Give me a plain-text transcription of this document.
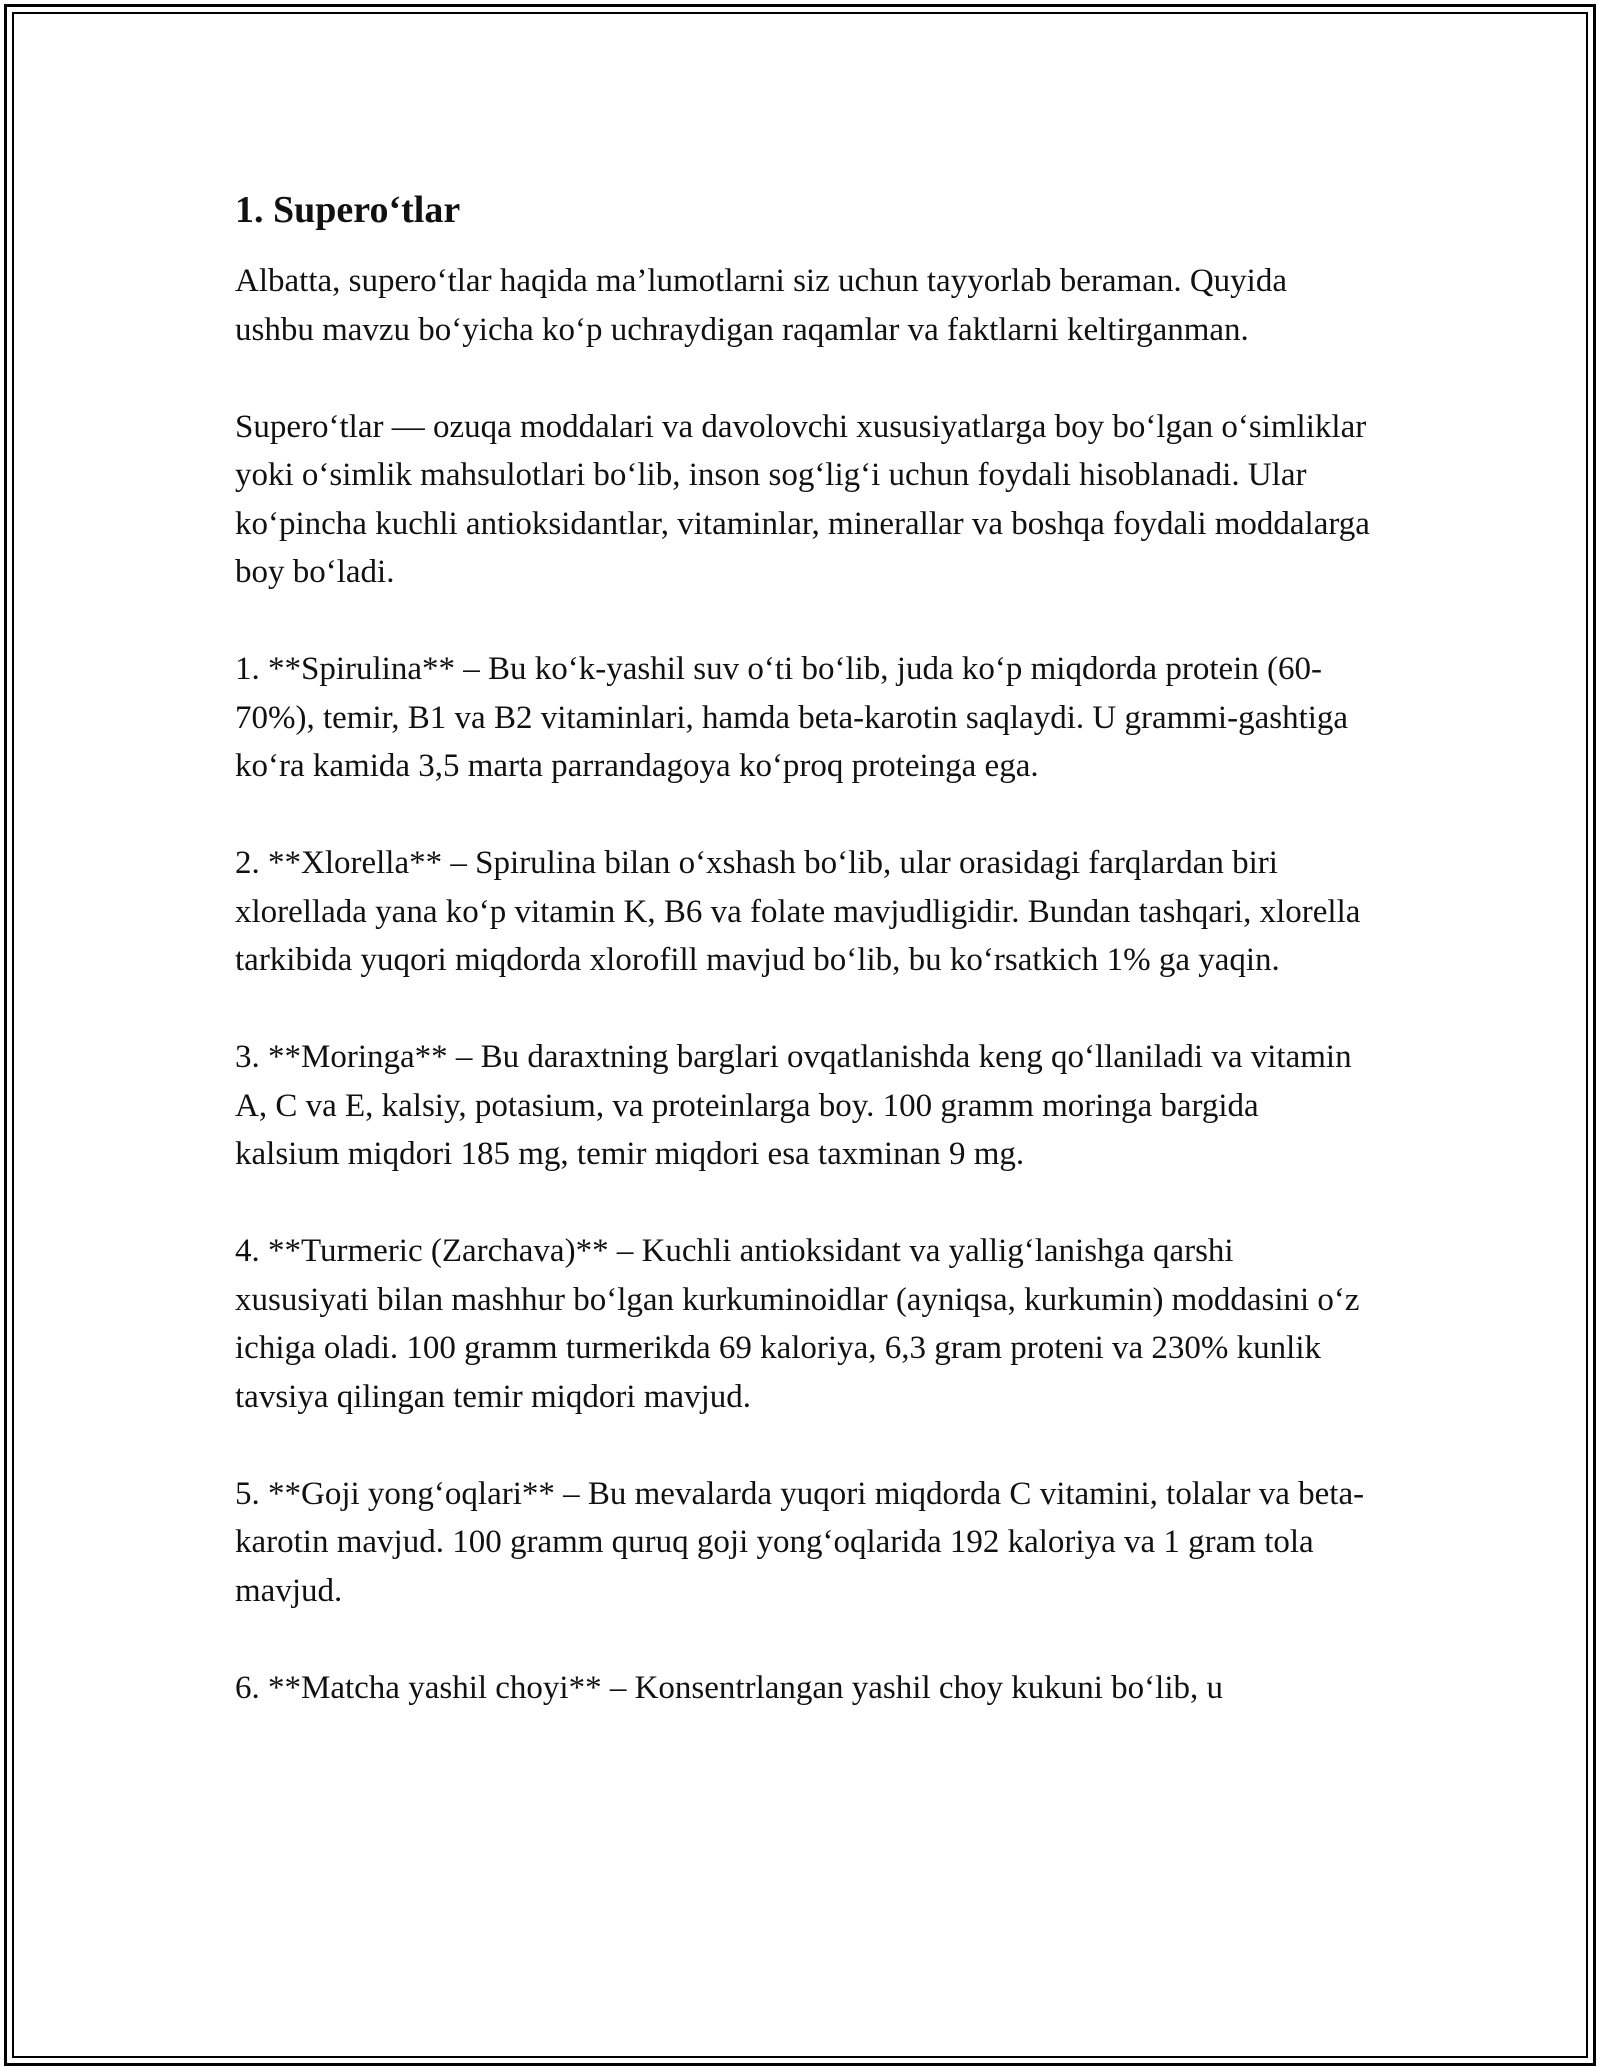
1. Supero‘tlar

Albatta, supero‘tlar haqida ma’lumotlarni siz uchun tayyorlab beraman. Quyida ushbu mavzu bo‘yicha ko‘p uchraydigan raqamlar va faktlarni keltirganman.

Supero‘tlar — ozuqa moddalari va davolovchi xususiyatlarga boy bo‘lgan o‘simliklar yoki o‘simlik mahsulotlari bo‘lib, inson sog‘lig‘i uchun foydali hisoblanadi. Ular ko‘pincha kuchli antioksidantlar, vitaminlar, minerallar va boshqa foydali moddalarga boy bo‘ladi.

1. **Spirulina** – Bu ko‘k-yashil suv o‘ti bo‘lib, juda ko‘p miqdorda protein (60-70%), temir, B1 va B2 vitaminlari, hamda beta-karotin saqlaydi. U grammi-gashtiga ko‘ra kamida 3,5 marta parrandagoya ko‘proq proteinga ega.

2. **Xlorella** – Spirulina bilan o‘xshash bo‘lib, ular orasidagi farqlardan biri xlorellada yana ko‘p vitamin K, B6 va folate mavjudligidir. Bundan tashqari, xlorella tarkibida yuqori miqdorda xlorofill mavjud bo‘lib, bu ko‘rsatkich 1% ga yaqin.

3. **Moringa** – Bu daraxtning barglari ovqatlanishda keng qo‘llaniladi va vitamin A, C va E, kalsiy, potasium, va proteinlarga boy. 100 gramm moringa bargida kalsium miqdori 185 mg, temir miqdori esa taxminan 9 mg.

4. **Turmeric (Zarchava)** – Kuchli antioksidant va yallig‘lanishga qarshi xususiyati bilan mashhur bo‘lgan kurkuminoidlar (ayniqsa, kurkumin) moddasini o‘z ichiga oladi. 100 gramm turmerikda 69 kaloriya, 6,3 gram proteni va 230% kunlik tavsiya qilingan temir miqdori mavjud.

5. **Goji yong‘oqlari** – Bu mevalarda yuqori miqdorda C vitamini, tolalar va beta-karotin mavjud. 100 gramm quruq goji yong‘oqlarida 192 kaloriya va 1 gram tola mavjud.

6. **Matcha yashil choyi** – Konsentrlangan yashil choy kukuni bo‘lib, u
